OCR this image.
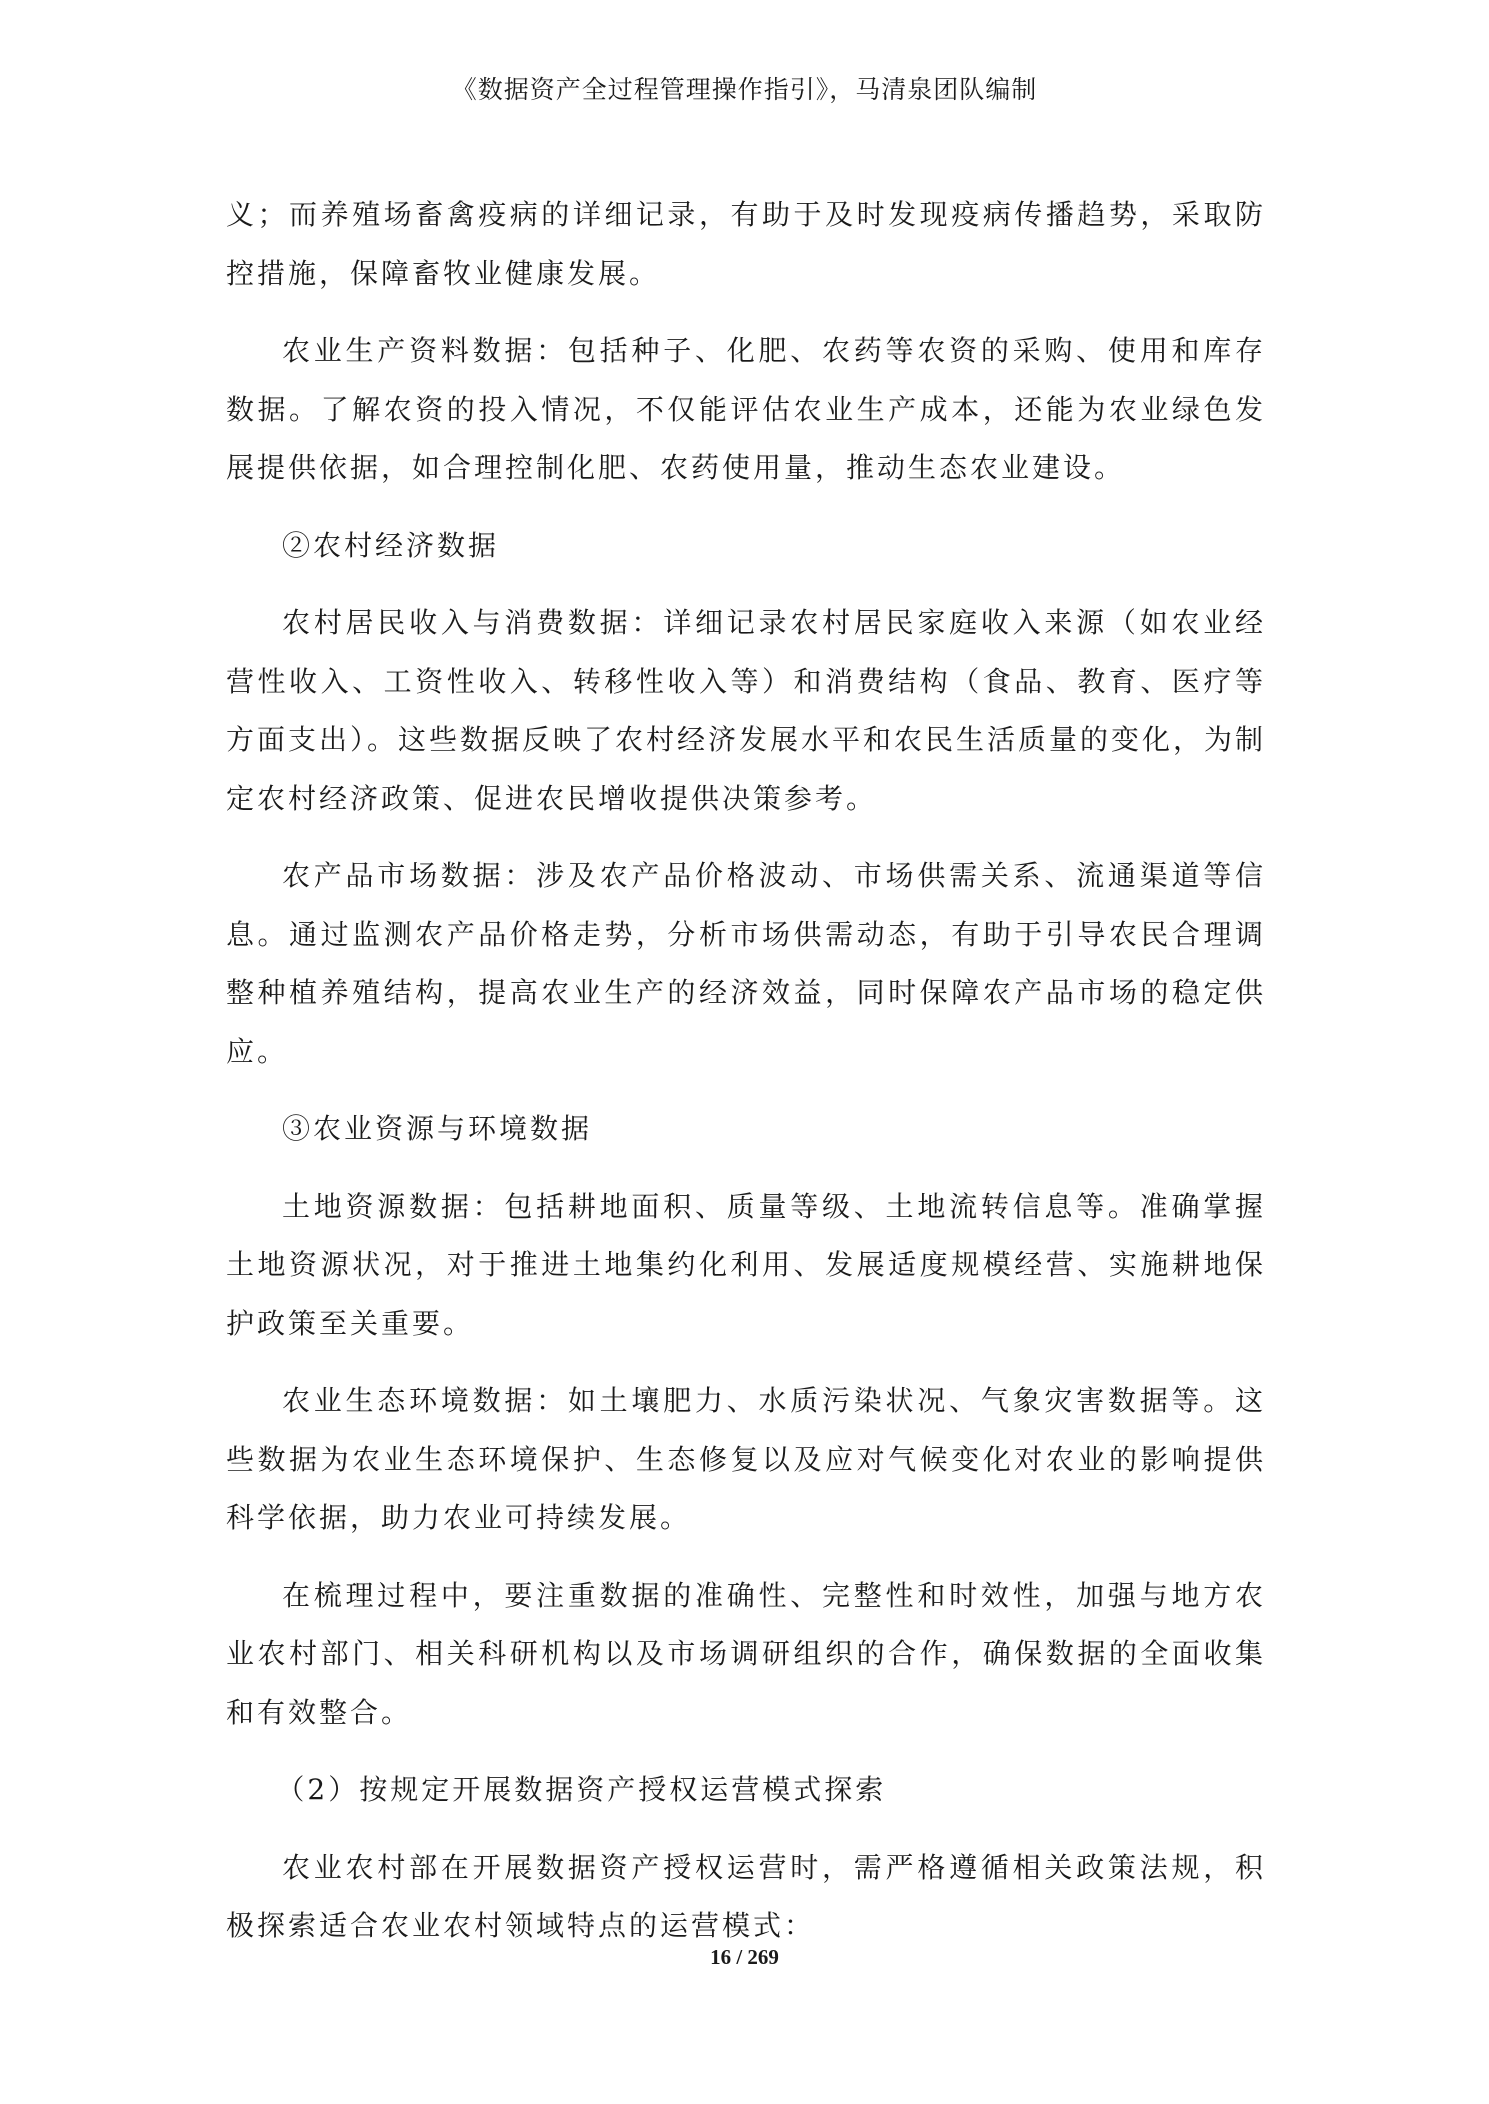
《数据资产全过程管理操作指引》，马清泉团队编制

义；而养殖场畜禽疫病的详细记录，有助于及时发现疫病传播趋势，采取防控措施，保障畜牧业健康发展。

农业生产资料数据：包括种子、化肥、农药等农资的采购、使用和库存数据。了解农资的投入情况，不仅能评估农业生产成本，还能为农业绿色发展提供依据，如合理控制化肥、农药使用量，推动生态农业建设。

②农村经济数据

农村居民收入与消费数据：详细记录农村居民家庭收入来源（如农业经营性收入、工资性收入、转移性收入等）和消费结构（食品、教育、医疗等方面支出）。这些数据反映了农村经济发展水平和农民生活质量的变化，为制定农村经济政策、促进农民增收提供决策参考。

农产品市场数据：涉及农产品价格波动、市场供需关系、流通渠道等信息。通过监测农产品价格走势，分析市场供需动态，有助于引导农民合理调整种植养殖结构，提高农业生产的经济效益，同时保障农产品市场的稳定供应。

③农业资源与环境数据

土地资源数据：包括耕地面积、质量等级、土地流转信息等。准确掌握土地资源状况，对于推进土地集约化利用、发展适度规模经营、实施耕地保护政策至关重要。

农业生态环境数据：如土壤肥力、水质污染状况、气象灾害数据等。这些数据为农业生态环境保护、生态修复以及应对气候变化对农业的影响提供科学依据，助力农业可持续发展。

在梳理过程中，要注重数据的准确性、完整性和时效性，加强与地方农业农村部门、相关科研机构以及市场调研组织的合作，确保数据的全面收集和有效整合。

（2）按规定开展数据资产授权运营模式探索

农业农村部在开展数据资产授权运营时，需严格遵循相关政策法规，积极探索适合农业农村领域特点的运营模式：

16 / 269
